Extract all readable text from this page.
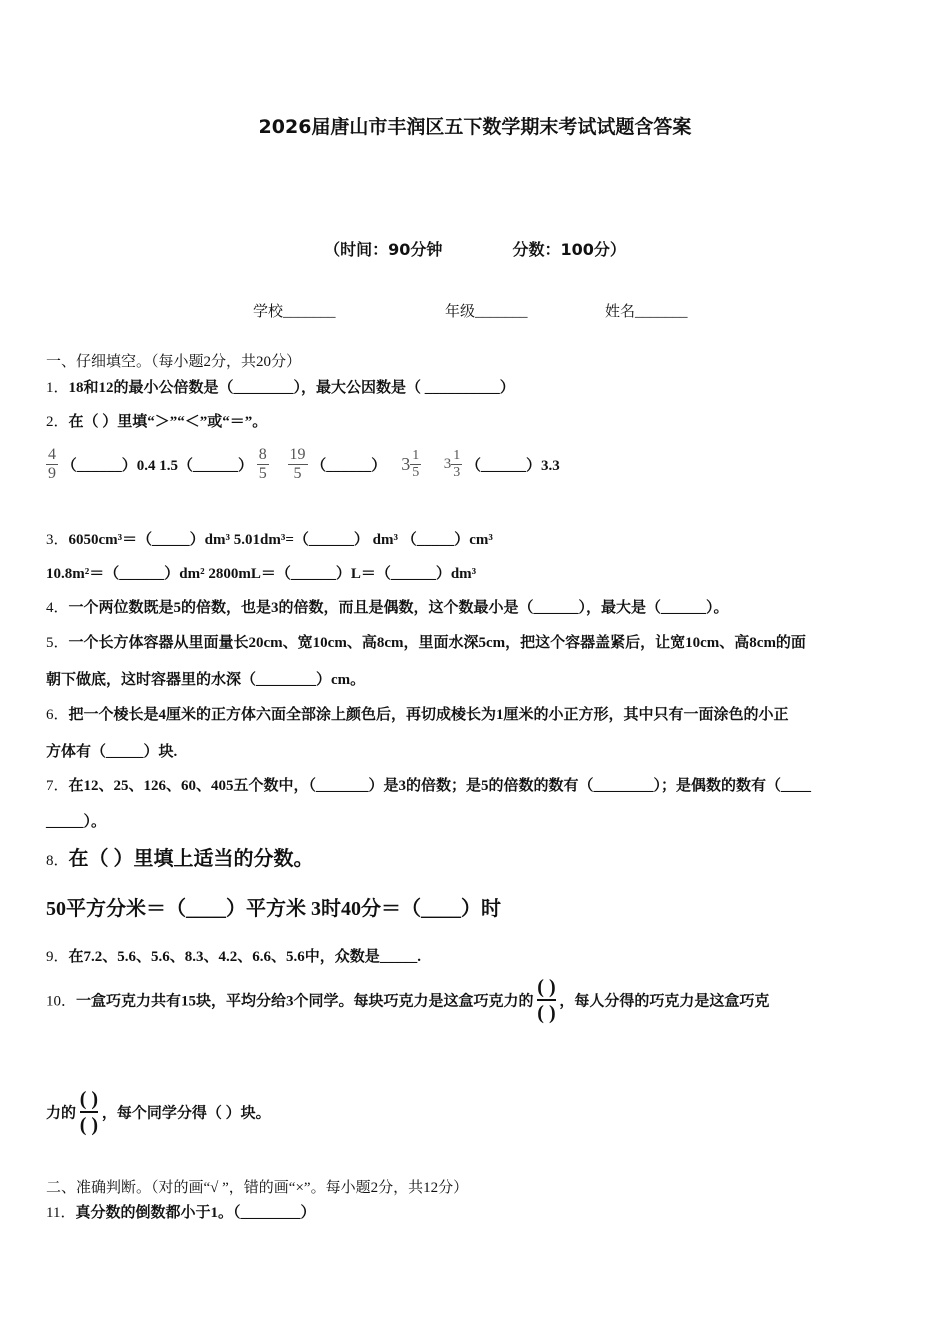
2026届唐山市丰润区五下数学期末考试试题含答案
（时间：90分钟	分数：100分）
学校_______	年级_______	姓名_______
一、仔细填空。（每小题2分，共20分）
1．18和12的最小公倍数是（________），最大公因数是（ __________）
2．在（ ）里填“＞”“＜”或“＝”。
$\frac{4}{9}$ （______）0.4 1.5（______） $\frac{8}{5}$
$\frac{19}{5}$ （______） $3 \frac{1}{5} 3 \frac{1}{3}$ （______）3.3
3．6050cm³＝（_____）dm³ 5.01dm³=（______） dm³ （_____）cm³
10.8m²＝（______）dm² 2800mL＝（______）L＝（______）dm³
4．一个两位数既是5的倍数，也是3的倍数，而且是偶数，这个数最小是（______），最大是（______）。
5．一个长方体容器从里面量长20cm、宽10cm、高8cm，里面水深5cm，把这个容器盖紧后，让宽10cm、高8cm的面
朝下做底，这时容器里的水深（________）cm。
6．把一个棱长是4厘米的正方体六面全部涂上颜色后，再切成棱长为1厘米的小正方形，其中只有一面涂色的小正
方体有（_____）块.
7．在12、25、126、60、405五个数中，（_______）是3的倍数；是5的倍数的数有（________）；是偶数的数有（____
_____）。
8．在（ ）里填上适当的分数。
50平方分米＝（____）平方米 3时40分＝（____）时
9．在7.2、5.6、5.6、8.3、4.2、6.6、5.6中，众数是_____.
10．一盒巧克力共有15块，平均分给3个同学。每块巧克力是这盒巧克力的 $\frac{( )}{( )}$ ，每人分得的巧克力是这盒巧克
力的 $\frac{( )}{( )}$ ，每个同学分得（ ）块。
二、准确判断。（对的画“√ ”，错的画“×”。每小题2分，共12分）
11．真分数的倒数都小于1。（________）
